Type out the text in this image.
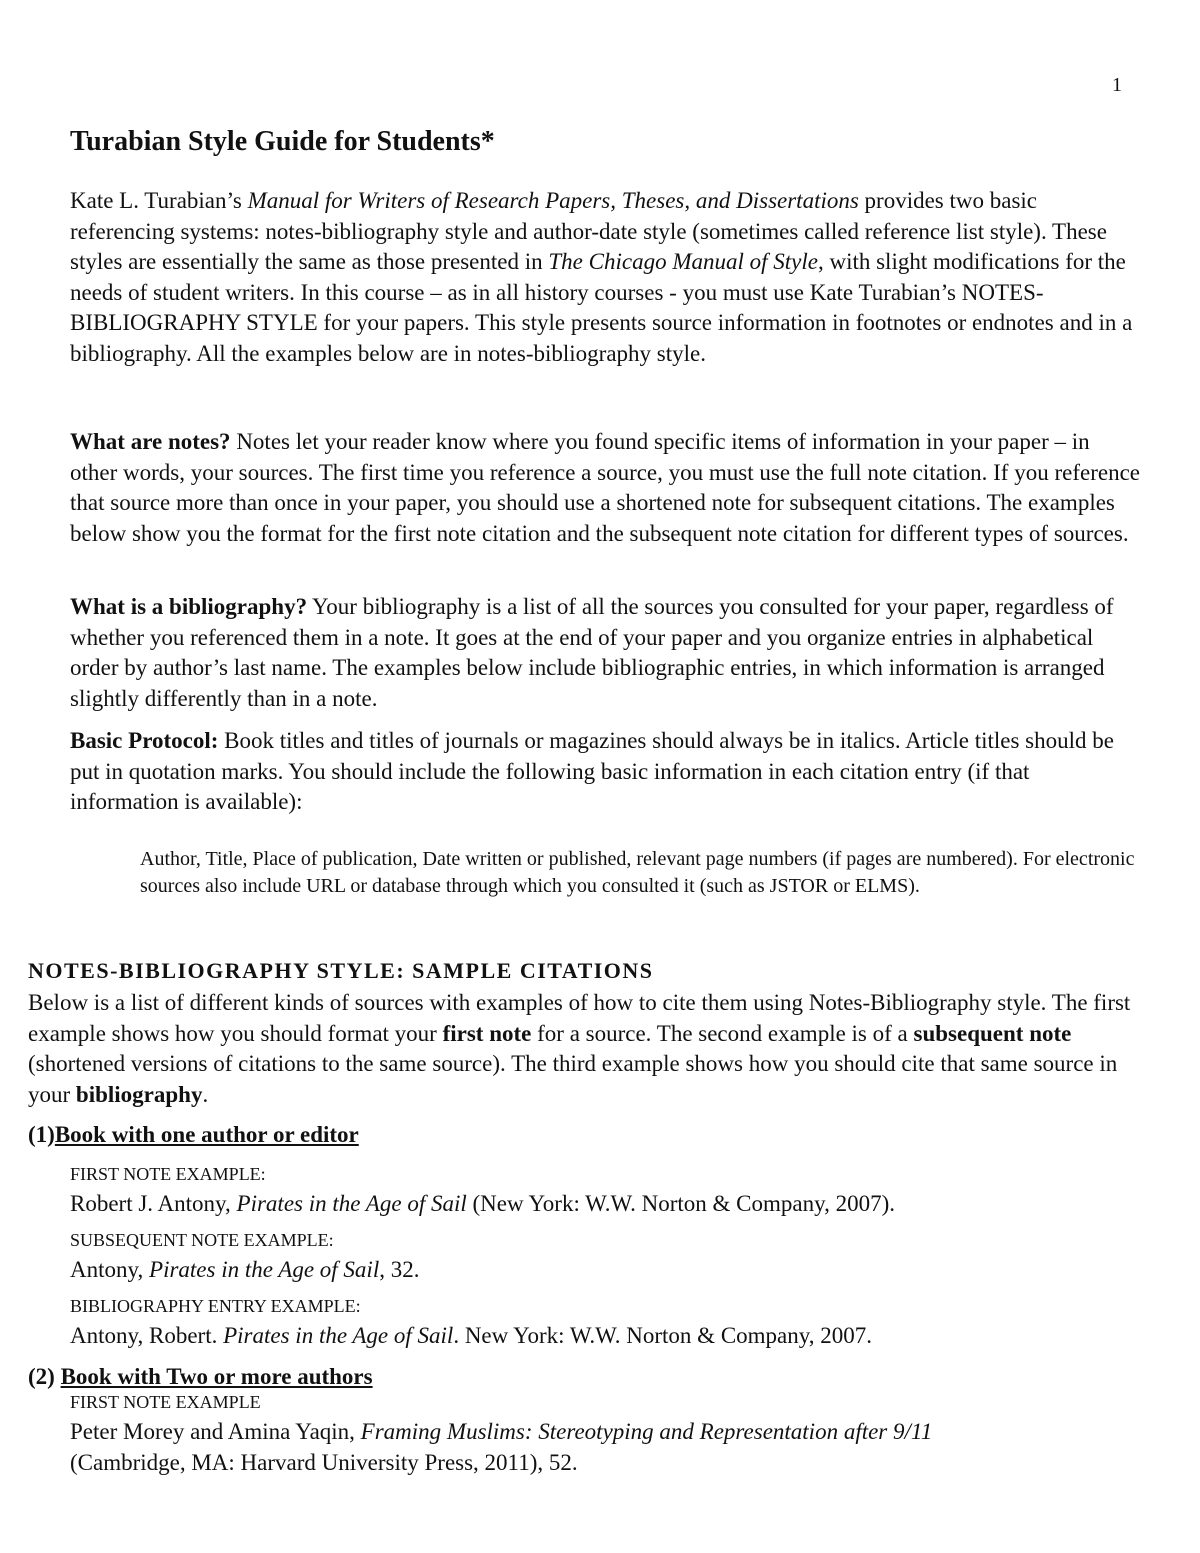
1
Turabian Style Guide for Students*

Kate L. Turabian’s Manual for Writers of Research Papers, Theses, and Dissertations provides two basic referencing systems: notes-bibliography style and author-date style (sometimes called reference list style). These styles are essentially the same as those presented in The Chicago Manual of Style, with slight modifications for the needs of student writers. In this course – as in all history courses - you must use Kate Turabian’s NOTES-BIBLIOGRAPHY STYLE for your papers. This style presents source information in footnotes or endnotes and in a bibliography. All the examples below are in notes-bibliography style.

What are notes? Notes let your reader know where you found specific items of information in your paper – in other words, your sources. The first time you reference a source, you must use the full note citation. If you reference that source more than once in your paper, you should use a shortened note for subsequent citations. The examples below show you the format for the first note citation and the subsequent note citation for different types of sources.

What is a bibliography? Your bibliography is a list of all the sources you consulted for your paper, regardless of whether you referenced them in a note. It goes at the end of your paper and you organize entries in alphabetical order by author’s last name. The examples below include bibliographic entries, in which information is arranged slightly differently than in a note.

Basic Protocol: Book titles and titles of journals or magazines should always be in italics. Article titles should be put in quotation marks. You should include the following basic information in each citation entry (if that information is available):

Author, Title, Place of publication, Date written or published, relevant page numbers (if pages are numbered). For electronic sources also include URL or database through which you consulted it (such as JSTOR or ELMS).

NOTES-BIBLIOGRAPHY STYLE: SAMPLE CITATIONS

Below is a list of different kinds of sources with examples of how to cite them using Notes-Bibliography style. The first example shows how you should format your first note for a source. The second example is of a subsequent note (shortened versions of citations to the same source). The third example shows how you should cite that same source in your bibliography.

(1)Book with one author or editor
FIRST NOTE EXAMPLE:

Robert J. Antony, Pirates in the Age of Sail (New York: W.W. Norton & Company, 2007).

SUBSEQUENT NOTE EXAMPLE:

Antony, Pirates in the Age of Sail, 32.

BIBLIOGRAPHY ENTRY EXAMPLE:

Antony, Robert. Pirates in the Age of Sail. New York: W.W. Norton & Company, 2007.

(2) Book with Two or more authors
FIRST NOTE EXAMPLE

Peter Morey and Amina Yaqin, Framing Muslims: Stereotyping and Representation after 9/11 (Cambridge, MA: Harvard University Press, 2011), 52.
